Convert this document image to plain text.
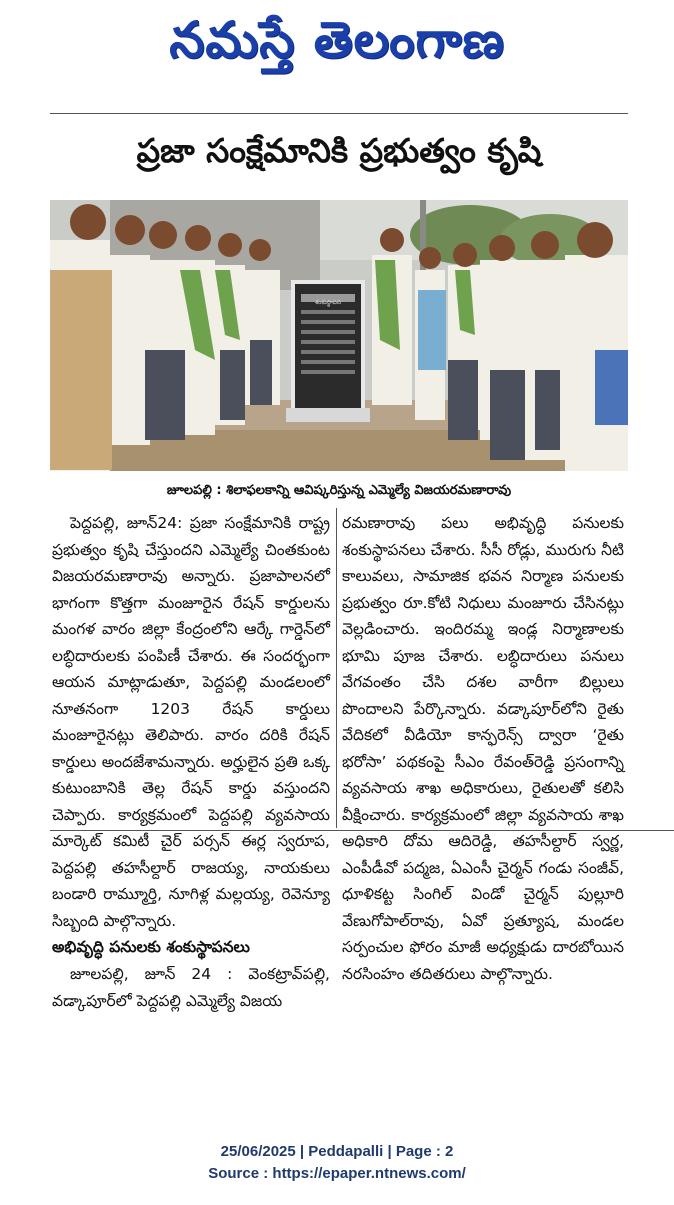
నమస్తే తెలంగాణ
ప్రజా సంక్షేమానికి ప్రభుత్వం కృషి
శంకుస్థాపన
జూలపల్లి : శిలాఫలకాన్ని ఆవిష్కరిస్తున్న ఎమ్మెల్యే విజయరమణారావు

పెద్దపల్లి, జూన్24: ప్రజా సంక్షేమానికి రాష్ట్ర ప్రభుత్వం కృషి చేస్తుందని ఎమ్మెల్యే చింతకుంట విజయరమణారావు అన్నారు. ప్రజాపాలనలో భాగంగా కొత్తగా మంజూరైన రేషన్ కార్డులను మంగళ వారం జిల్లా కేంద్రంలోని ఆర్కే గార్డెన్‌లో లబ్ధిదారులకు పంపిణీ చేశారు. ఈ సందర్భంగా ఆయన మాట్లాడుతూ, పెద్దపల్లి మండలంలో నూతనంగా 1203 రేషన్ కార్డులు మంజూరైనట్లు తెలిపారు. వారం దరికి రేషన్ కార్డులు అందజేశామన్నారు. అర్హులైన ప్రతి ఒక్క కుటుంబానికి తెల్ల రేషన్ కార్డు వస్తుందని చెప్పారు. కార్యక్రమంలో పెద్దపల్లి వ్యవసాయ మార్కెట్ కమిటీ చైర్ పర్సన్ ఈర్ల స్వరూప, పెద్దపల్లి తహసీల్దార్ రాజయ్య, నాయకులు బండారి రామ్మూర్తి, నూగిళ్ల మల్లయ్య, రెవెన్యూ సిబ్బంది పాల్గొన్నారు.

అభివృద్ధి పనులకు శంకుస్థాపనలు

జూలపల్లి, జూన్ 24 : వెంకట్రావ్‌పల్లి, వడ్కాపూర్‌లో పెద్దపల్లి ఎమ్మెల్యే విజయ

రమణారావు పలు అభివృద్ధి పనులకు శంకుస్థాపనలు చేశారు. సీసీ రోడ్లు, మురుగు నీటి కాలువలు, సామాజిక భవన నిర్మాణ పనులకు ప్రభుత్వం రూ.కోటి నిధులు మంజూరు చేసినట్లు వెల్లడించారు. ఇందిరమ్మ ఇండ్ల నిర్మాణాలకు భూమి పూజ చేశారు. లబ్ధిదారులు పనులు వేగవంతం చేసి దశల వారీగా బిల్లులు పొందాలని పేర్కొన్నారు. వడ్కాపూర్‌లోని రైతు వేదికలో వీడియో కాన్ఫరెన్స్ ద్వారా ‘రైతు భరోసా’ పథకంపై సీఎం రేవంత్‌రెడ్డి ప్రసంగాన్ని వ్యవసాయ శాఖ అధికారులు, రైతులతో కలిసి వీక్షించారు. కార్యక్రమంలో జిల్లా వ్యవసాయ శాఖ అధికారి దోమ ఆదిరెడ్డి, తహసీల్దార్ స్వర్ణ, ఎంపీడీవో పద్మజ, ఏఎంసీ చైర్మన్ గండు సంజీవ్, ధూళికట్ట సింగిల్ విండో చైర్మన్ పుల్లూరి వేణుగోపాల్‌రావు, ఏవో ప్రత్యూష, మండల సర్పంచుల ఫోరం మాజీ అధ్యక్షుడు దారబోయిన నరసింహం తదితరులు పాల్గొన్నారు.

25/06/2025 | Peddapalli | Page : 2
Source : https://epaper.ntnews.com/
